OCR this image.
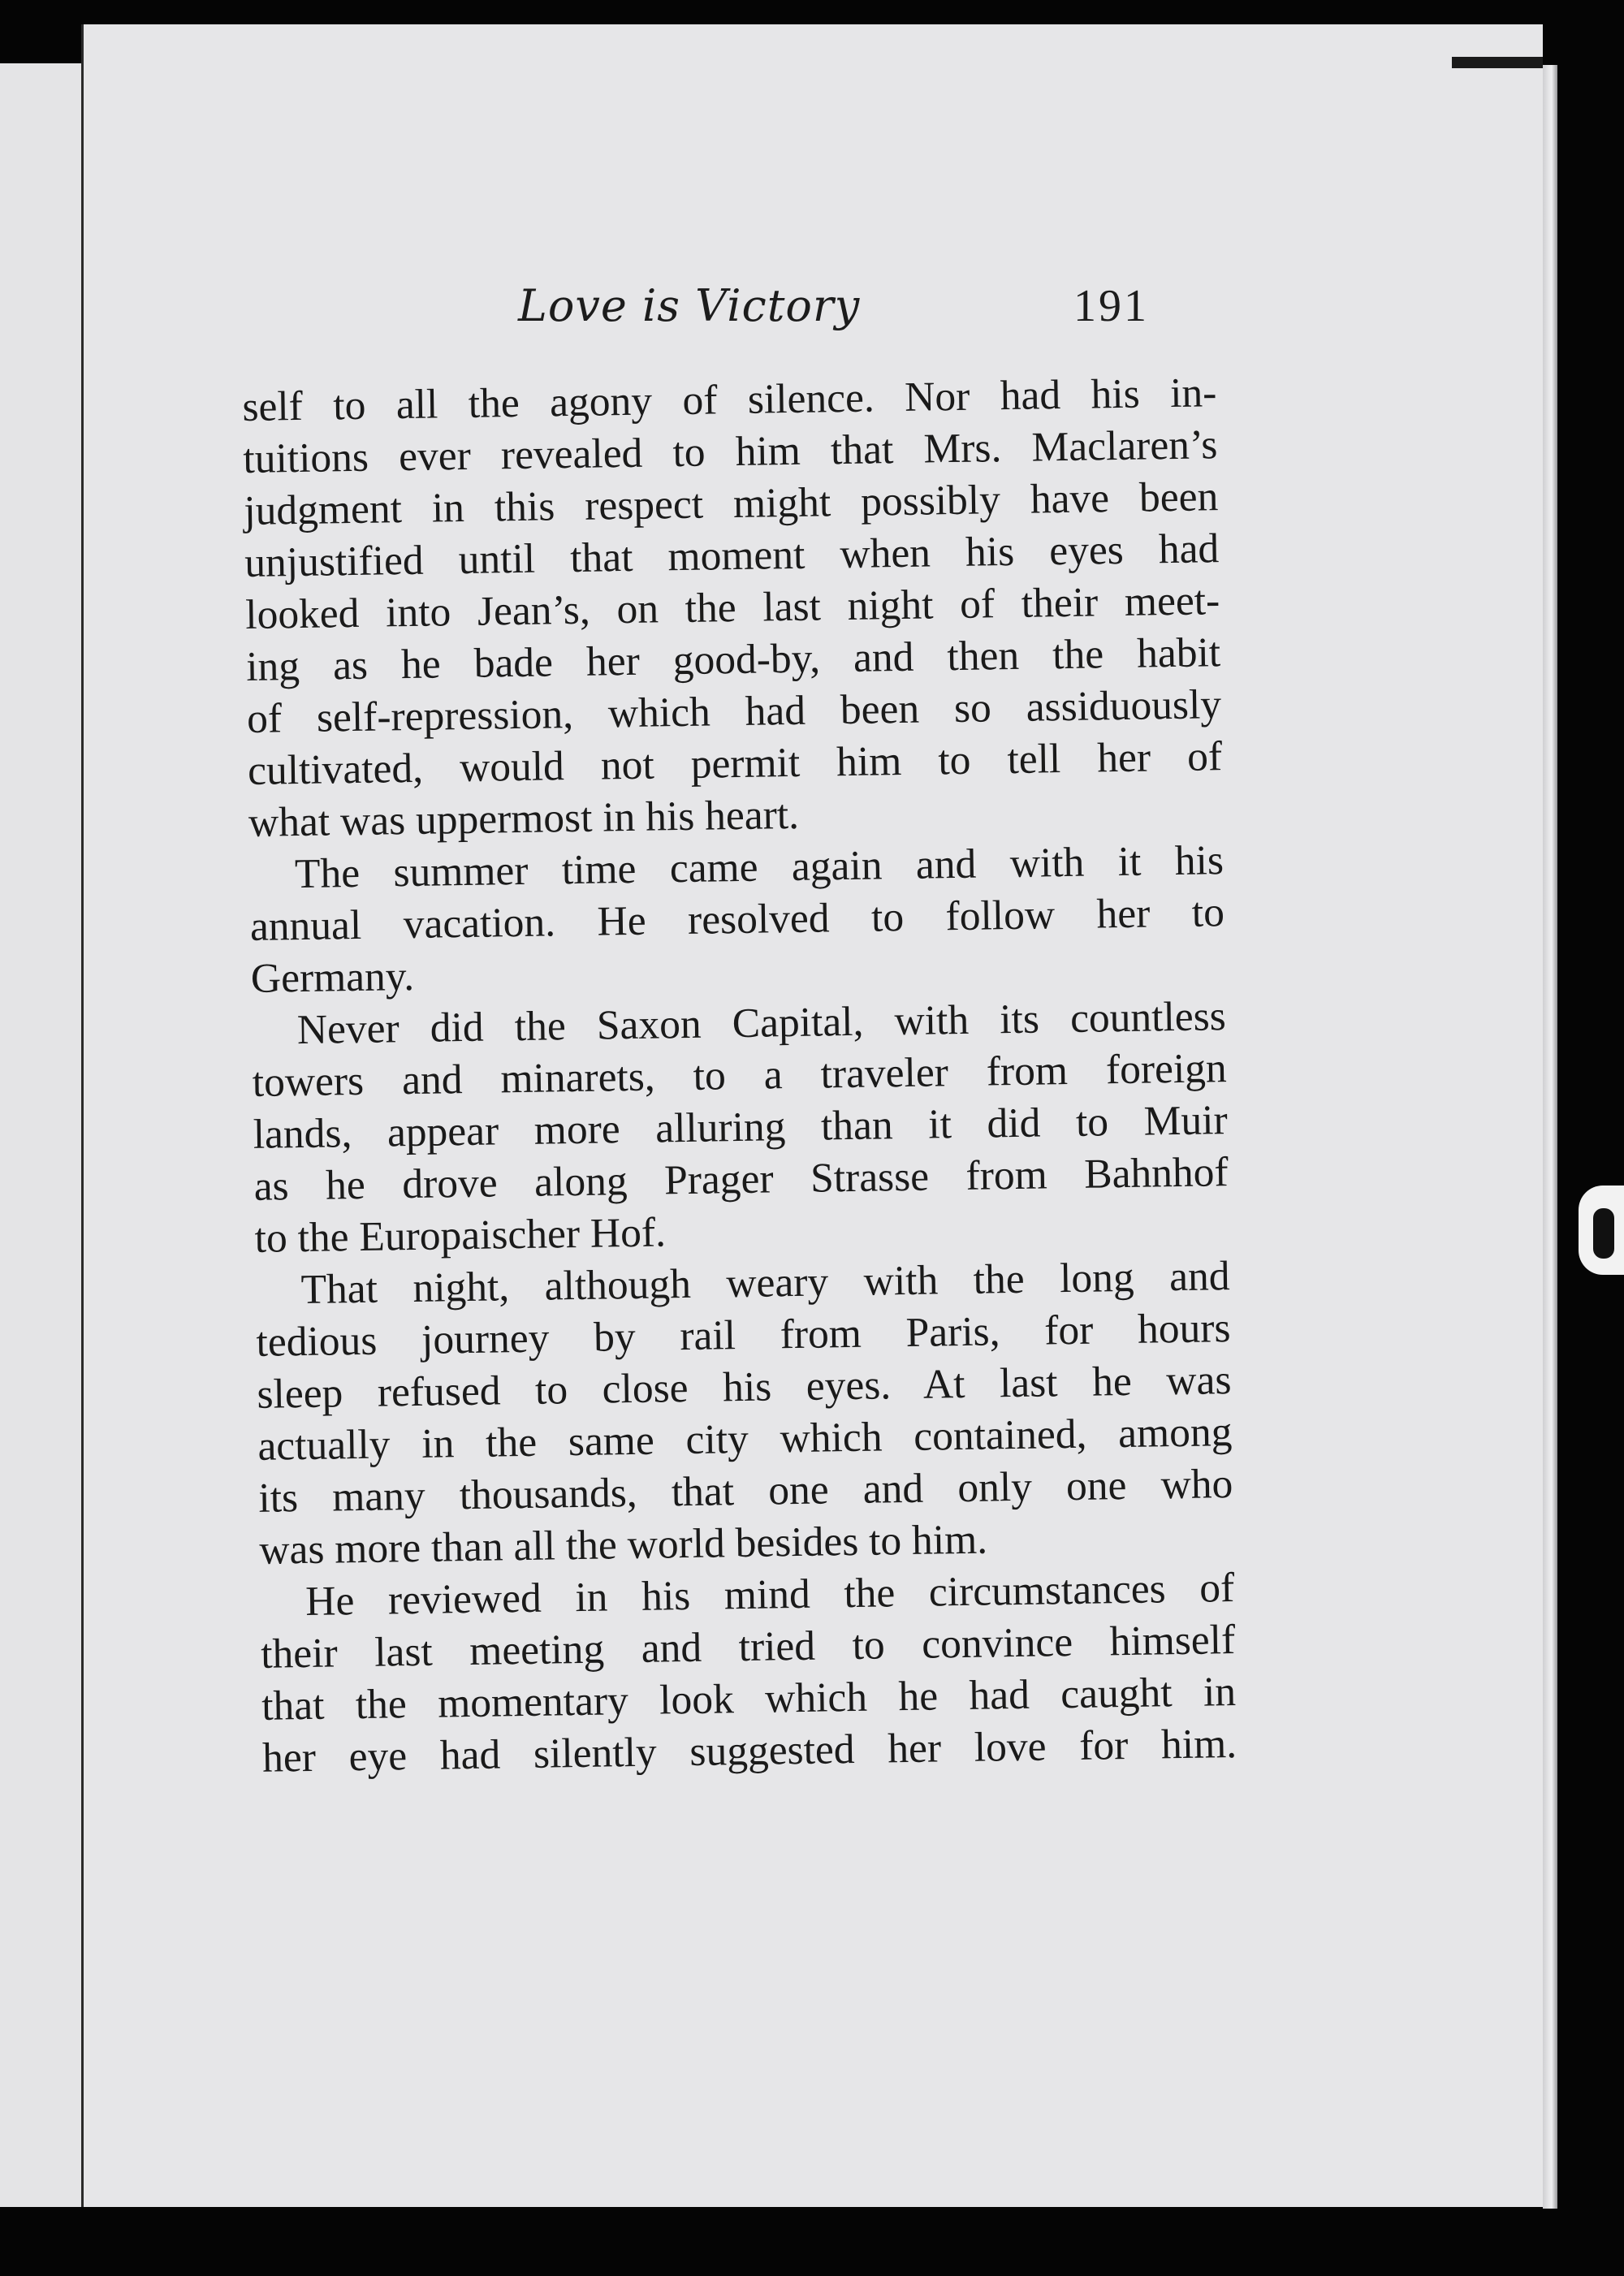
Love is Victory	191
self to all the agony of silence. Nor had his in-
tuitions ever revealed to him that Mrs. Maclaren’s
judgment in this respect might possibly have been
unjustified until that moment when his eyes had
looked into Jean’s, on the last night of their meet-
ing as he bade her good-by, and then the habit
of self-repression, which had been so assiduously
cultivated, would not permit him to tell her of
what was uppermost in his heart.
The summer time came again and with it his
annual vacation. He resolved to follow her to
Germany.
Never did the Saxon Capital, with its countless
towers and minarets, to a traveler from foreign
lands, appear more alluring than it did to Muir
as he drove along Prager Strasse from Bahnhof
to the Europaischer Hof.
That night, although weary with the long and
tedious journey by rail from Paris, for hours
sleep refused to close his eyes. At last he was
actually in the same city which contained, among
its many thousands, that one and only one who
was more than all the world besides to him.
He reviewed in his mind the circumstances of
their last meeting and tried to convince himself
that the momentary look which he had caught in
her eye had silently suggested her love for him.
